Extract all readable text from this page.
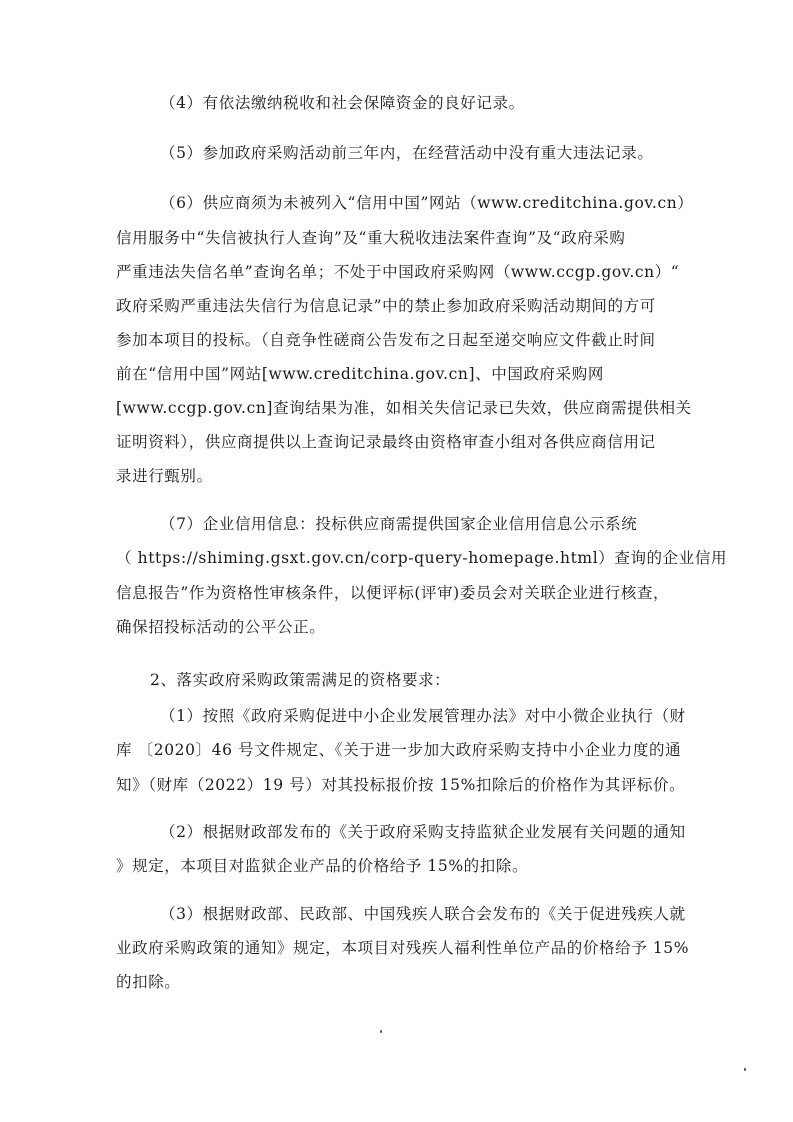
（4）有依法缴纳税收和社会保障资金的良好记录。
（5）参加政府采购活动前三年内，在经营活动中没有重大违法记录。
（6）供应商须为未被列入“信用中国”网站（www.creditchina.gov.cn）
信用服务中“失信被执行人查询”及“重大税收违法案件查询”及“政府采购
严重违法失信名单”查询名单；不处于中国政府采购网（www.ccgp.gov.cn）“
政府采购严重违法失信行为信息记录”中的禁止参加政府采购活动期间的方可
参加本项目的投标。（自竞争性磋商公告发布之日起至递交响应文件截止时间
前在“信用中国”网站[www.creditchina.gov.cn]、中国政府采购网
[www.ccgp.gov.cn]查询结果为准，如相关失信记录已失效，供应商需提供相关
证明资料），供应商提供以上查询记录最终由资格审查小组对各供应商信用记
录进行甄别。
（7）企业信用信息：投标供应商需提供国家企业信用信息公示系统
（ https://shiming.gsxt.gov.cn/corp-query-homepage.html）查询的企业信用
信息报告”作为资格性审核条件，以便评标(评审)委员会对关联企业进行核查，
确保招投标活动的公平公正。
2、落实政府采购政策需满足的资格要求：
（1）按照《政府采购促进中小企业发展管理办法》对中小微企业执行（财
库 〔2020〕46 号文件规定、《关于进一步加大政府采购支持中小企业力度的通
知》（财库（2022）19 号）对其投标报价按 15%扣除后的价格作为其评标价。
（2）根据财政部发布的《关于政府采购支持监狱企业发展有关问题的通知
》规定，本项目对监狱企业产品的价格给予 15%的扣除。
（3）根据财政部、民政部、中国残疾人联合会发布的《关于促进残疾人就
业政府采购政策的通知》规定，本项目对残疾人福利性单位产品的价格给予 15%
的扣除。
